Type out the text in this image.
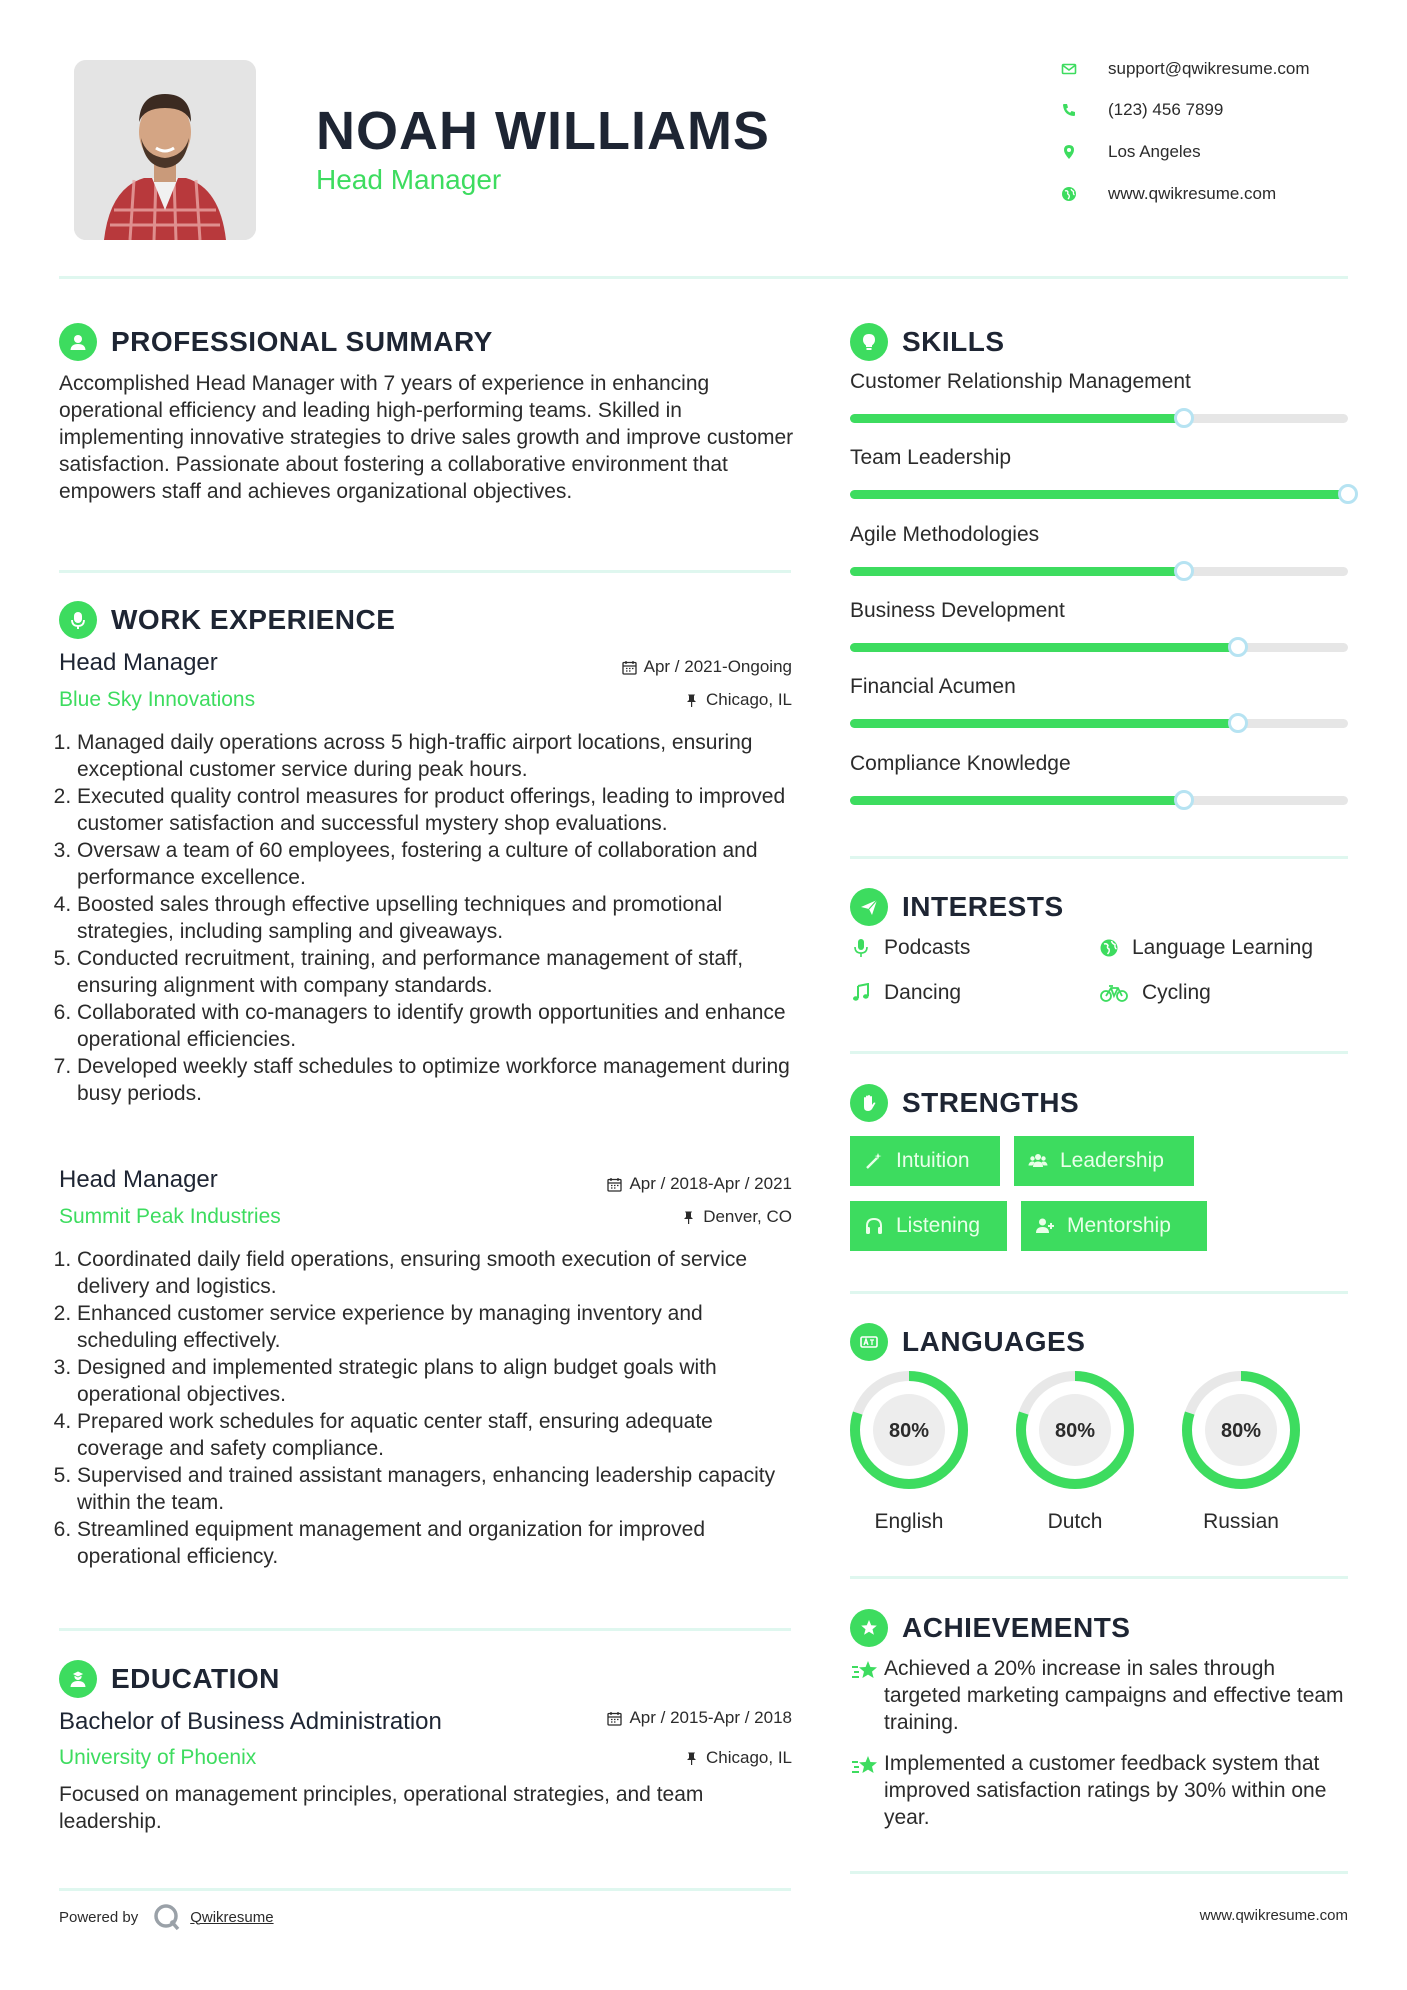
NOAH WILLIAMS
Head Manager
support@qwikresume.com
(123) 456 7899
Los Angeles
www.qwikresume.com
PROFESSIONAL SUMMARY
Accomplished Head Manager with 7 years of experience in enhancing operational efficiency and leading high-performing teams. Skilled in implementing innovative strategies to drive sales growth and improve customer satisfaction. Passionate about fostering a collaborative environment that empowers staff and achieves organizational objectives.
WORK EXPERIENCE
Head Manager	Apr / 2021-Ongoing
Blue Sky Innovations	Chicago, IL
1. Managed daily operations across 5 high-traffic airport locations, ensuring exceptional customer service during peak hours.
2. Executed quality control measures for product offerings, leading to improved customer satisfaction and successful mystery shop evaluations.
3. Oversaw a team of 60 employees, fostering a culture of collaboration and performance excellence.
4. Boosted sales through effective upselling techniques and promotional strategies, including sampling and giveaways.
5. Conducted recruitment, training, and performance management of staff, ensuring alignment with company standards.
6. Collaborated with co-managers to identify growth opportunities and enhance operational efficiencies.
7. Developed weekly staff schedules to optimize workforce management during busy periods.
Head Manager	Apr / 2018-Apr / 2021
Summit Peak Industries	Denver, CO
1. Coordinated daily field operations, ensuring smooth execution of service delivery and logistics.
2. Enhanced customer service experience by managing inventory and scheduling effectively.
3. Designed and implemented strategic plans to align budget goals with operational objectives.
4. Prepared work schedules for aquatic center staff, ensuring adequate coverage and safety compliance.
5. Supervised and trained assistant managers, enhancing leadership capacity within the team.
6. Streamlined equipment management and organization for improved operational efficiency.
EDUCATION
Bachelor of Business Administration	Apr / 2015-Apr / 2018
University of Phoenix	Chicago, IL
Focused on management principles, operational strategies, and team leadership.
SKILLS
Customer Relationship Management
Team Leadership
Agile Methodologies
Business Development
Financial Acumen
Compliance Knowledge
INTERESTS
Podcasts	Language Learning
Dancing	Cycling
STRENGTHS
Intuition	Leadership
Listening	Mentorship
LANGUAGES
80%
English
80%
Dutch
80%
Russian
ACHIEVEMENTS
Achieved a 20% increase in sales through targeted marketing campaigns and effective team training.
Implemented a customer feedback system that improved satisfaction ratings by 30% within one year.
Powered by	Qwikresume	www.qwikresume.com
